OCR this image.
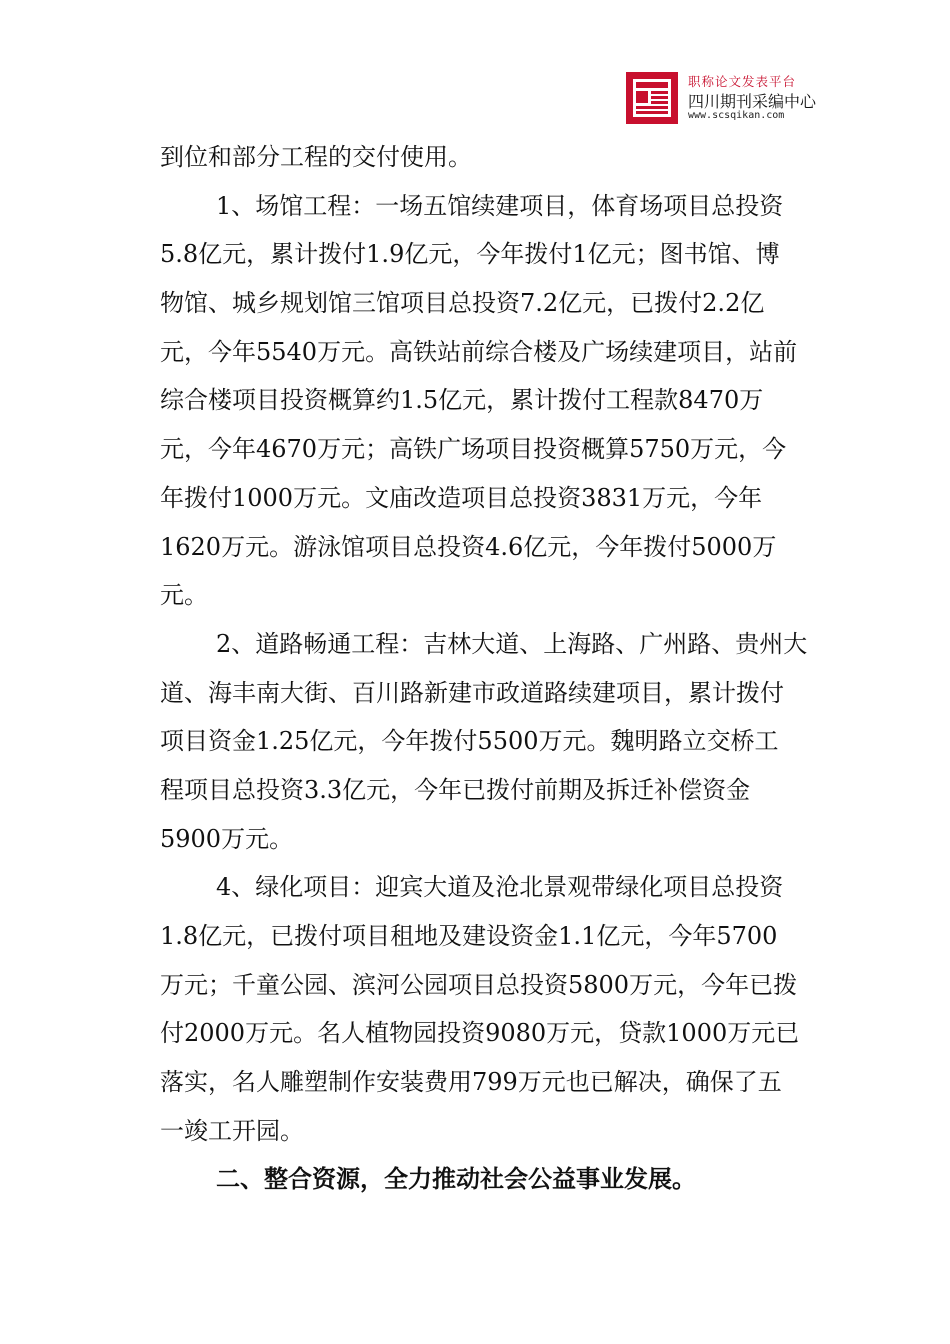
职称论文发表平台
四川期刊采编中心
www.scsqikan.com
到位和部分工程的交付使用。
1、场馆工程：一场五馆续建项目，体育场项目总投资
5.8亿元，累计拨付1.9亿元，今年拨付1亿元；图书馆、博
物馆、城乡规划馆三馆项目总投资7.2亿元，已拨付2.2亿
元，今年5540万元。高铁站前综合楼及广场续建项目，站前
综合楼项目投资概算约1.5亿元，累计拨付工程款8470万
元，今年4670万元；高铁广场项目投资概算5750万元，今
年拨付1000万元。文庙改造项目总投资3831万元，今年
1620万元。游泳馆项目总投资4.6亿元，今年拨付5000万
元。
2、道路畅通工程：吉林大道、上海路、广州路、贵州大
道、海丰南大街、百川路新建市政道路续建项目，累计拨付
项目资金1.25亿元，今年拨付5500万元。魏明路立交桥工
程项目总投资3.3亿元，今年已拨付前期及拆迁补偿资金
5900万元。
4、绿化项目：迎宾大道及沧北景观带绿化项目总投资
1.8亿元，已拨付项目租地及建设资金1.1亿元，今年5700
万元；千童公园、滨河公园项目总投资5800万元，今年已拨
付2000万元。名人植物园投资9080万元，贷款1000万元已
落实，名人雕塑制作安装费用799万元也已解决，确保了五
一竣工开园。
二、整合资源，全力推动社会公益事业发展。
